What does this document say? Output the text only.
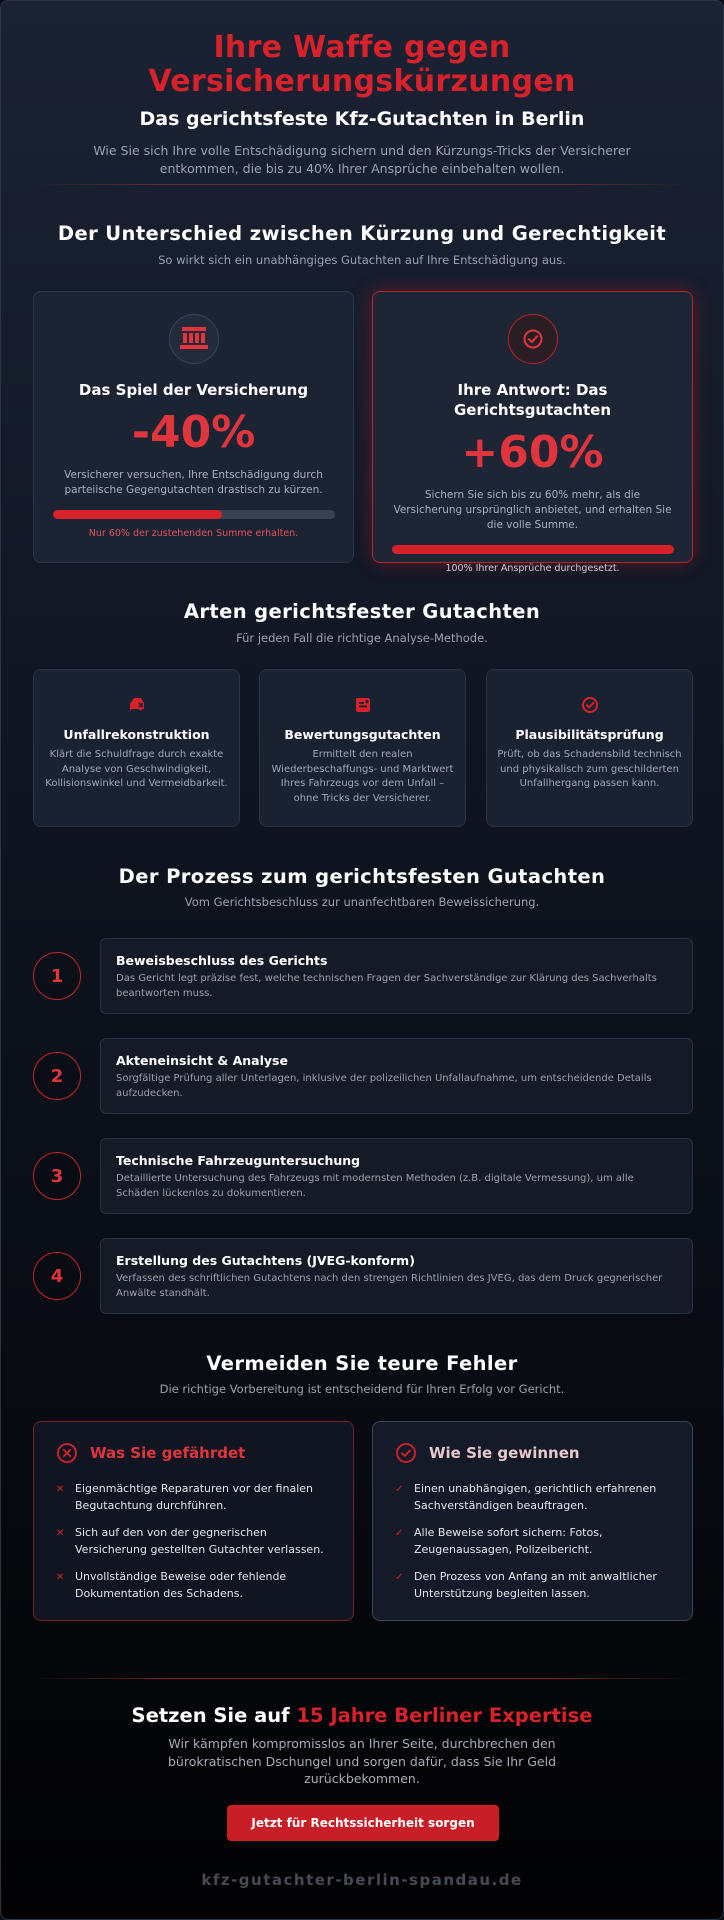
Ihre Waffe gegen
Versicherungskürzungen
Das gerichtsfeste Kfz-Gutachten in Berlin

Wie Sie sich Ihre volle Entschädigung sichern und den Kürzungs-Tricks der Versicherer entkommen, die bis zu 40% Ihrer Ansprüche einbehalten wollen.

Der Unterschied zwischen Kürzung und Gerechtigkeit
So wirkt sich ein unabhängiges Gutachten auf Ihre Entschädigung aus.
Das Spiel der Versicherung
-40%

Versicherer versuchen, Ihre Entschädigung durch parteiische Gegengutachten drastisch zu kürzen.

Nur 60% der zustehenden Summe erhalten.
Ihre Antwort: Das Gerichtsgutachten
+60%

Sichern Sie sich bis zu 60% mehr, als die Versicherung ursprünglich anbietet, und erhalten Sie die volle Summe.

100% Ihrer Ansprüche durchgesetzt.
Arten gerichtsfester Gutachten
Für jeden Fall die richtige Analyse-Methode.
Unfallrekonstruktion

Klärt die Schuldfrage durch exakte Analyse von Geschwindigkeit, Kollisionswinkel und Vermeidbarkeit.

Bewertungsgutachten

Ermittelt den realen Wiederbeschaffungs- und Marktwert Ihres Fahrzeugs vor dem Unfall – ohne Tricks der Versicherer.

Plausibilitätsprüfung

Prüft, ob das Schadensbild technisch und physikalisch zum geschilderten Unfallhergang passen kann.

Der Prozess zum gerichtsfesten Gutachten
Vom Gerichtsbeschluss zur unanfechtbaren Beweissicherung.
1
Beweisbeschluss des Gerichts

Das Gericht legt präzise fest, welche technischen Fragen der Sachverständige zur Klärung des Sachverhalts beantworten muss.

2
Akteneinsicht & Analyse

Sorgfältige Prüfung aller Unterlagen, inklusive der polizeilichen Unfallaufnahme, um entscheidende Details aufzudecken.

3
Technische Fahrzeuguntersuchung

Detaillierte Untersuchung des Fahrzeugs mit modernsten Methoden (z.B. digitale Vermessung), um alle Schäden lückenlos zu dokumentieren.

4
Erstellung des Gutachtens (JVEG-konform)

Verfassen des schriftlichen Gutachtens nach den strengen Richtlinien des JVEG, das dem Druck gegnerischer Anwälte standhält.

Vermeiden Sie teure Fehler
Die richtige Vorbereitung ist entscheidend für Ihren Erfolg vor Gericht.
Was Sie gefährdet
✕ Eigenmächtige Reparaturen vor der finalen Begutachtung durchführen.
✕ Sich auf den von der gegnerischen Versicherung gestellten Gutachter verlassen.
✕ Unvollständige Beweise oder fehlende Dokumentation des Schadens.
Wie Sie gewinnen
✓ Einen unabhängigen, gerichtlich erfahrenen Sachverständigen beauftragen.
✓ Alle Beweise sofort sichern: Fotos, Zeugenaussagen, Polizeibericht.
✓ Den Prozess von Anfang an mit anwaltlicher Unterstützung begleiten lassen.
Setzen Sie auf 15 Jahre Berliner Expertise

Wir kämpfen kompromisslos an Ihrer Seite, durchbrechen den bürokratischen Dschungel und sorgen dafür, dass Sie Ihr Geld zurückbekommen.

Jetzt für Rechtssicherheit sorgen
kfz-gutachter-berlin-spandau.de
